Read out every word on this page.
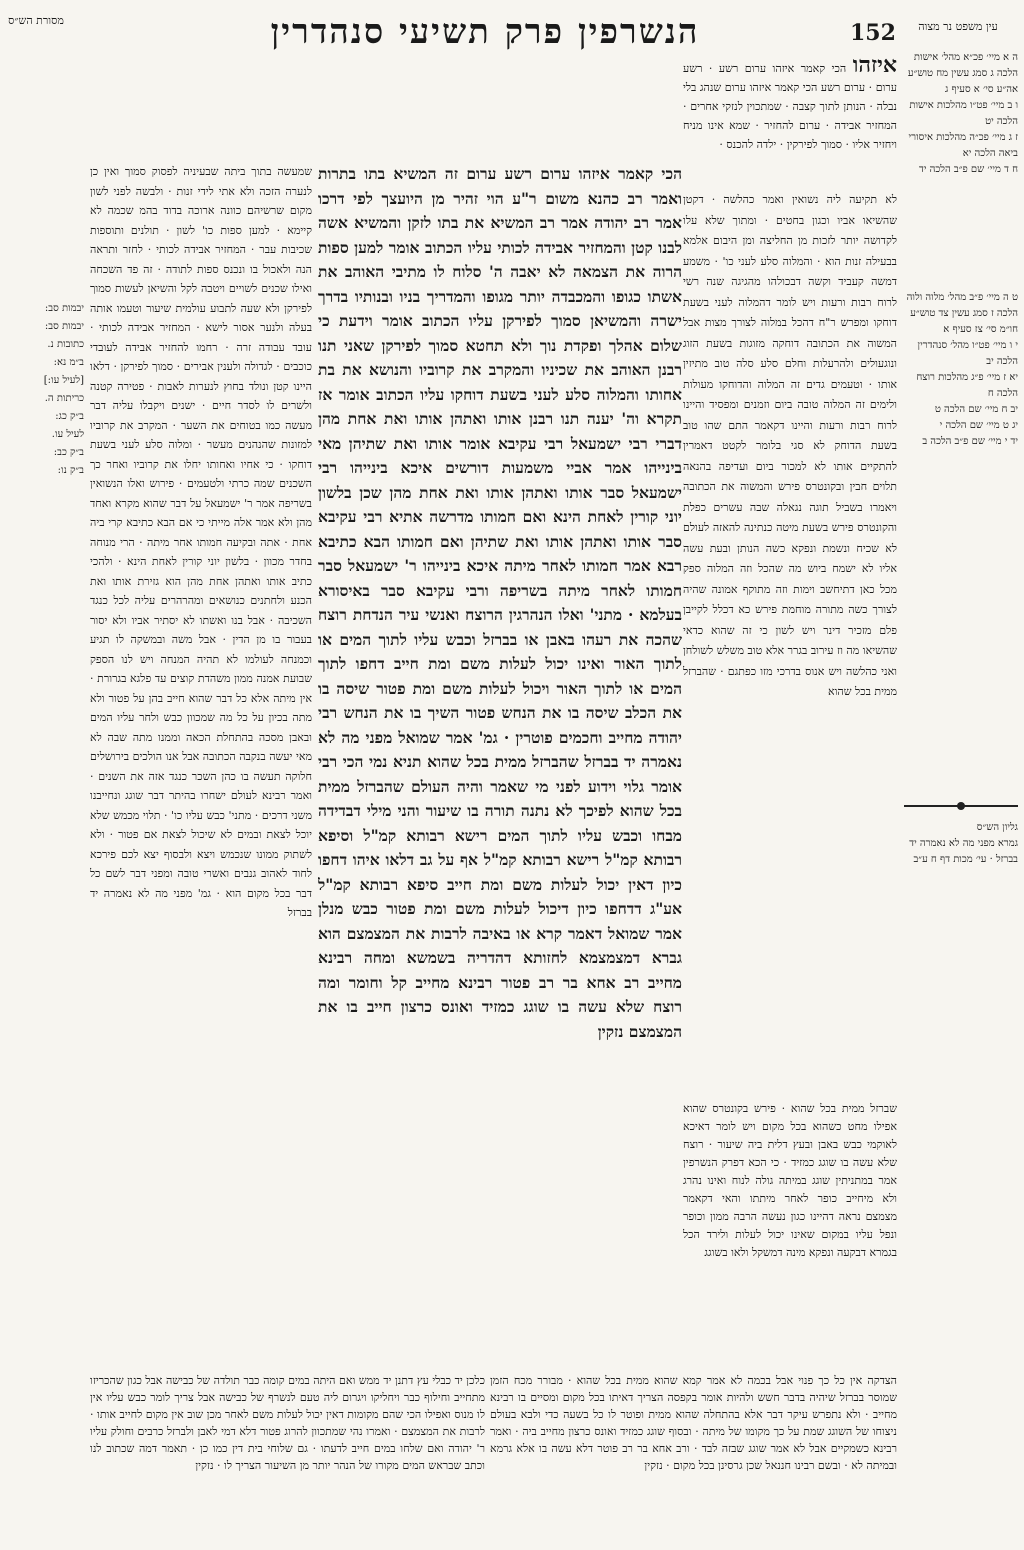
מסורת הש״ס	הנשרפין פרק תשיעי סנהדרין	152	עין משפט נר מצוה
איזהו הכי קאמר איזהו ערום רשע · רשע ערום · ערום רשע הכי קאמר איזהו ערום שנהג בלי נבלה · הנותן לתוך קצבה · שמתכוין לנזקי אחרים · המחזיר אבידה · ערום להחזיר · שמא אינו מניח ויחזיר אליו · סמוך לפירקין · ילדה להכנס ·
הכי קאמר איזהו ערום רשע ערום זה המשיא בתו בתרות ואמר רב כהנא משום ר"ע הוי זהיר מן היועצך לפי דרכו אמר רב יהודה אמר רב המשיא את בתו לזקן והמשיא אשה לבנו קטן והמחזיר אבידה לכותי עליו הכתוב אומר למען ספות הרוה את הצמאה לא יאבה ה' סלוח לו מתיבי האוהב את אשתו כגופו והמכבדה יותר מגופו והמדריך בניו ובנותיו בדרך ישרה והמשיאן סמוך לפירקן עליו הכתוב אומר וידעת כי שלום אהלך ופקדת נוך ולא תחטא סמוך לפירקן שאני תנו רבנן האוהב את שכיניו והמקרב את קרוביו והנושא את בת אחותו והמלוה סלע לעני בשעת דוחקו עליו הכתוב אומר אז תקרא וה' יענה תנו רבנן אותו ואתהן אותו ואת אחת מהן דברי רבי ישמעאל רבי עקיבא אומר אותו ואת שתיהן מאי בינייהו אמר אביי משמעות דורשים איכא בינייהו רבי ישמעאל סבר אותו ואתהן אותו ואת אחת מהן שכן בלשון יוני קורין לאחת הינא ואם חמותו מדרשה אתיא רבי עקיבא סבר אותו ואתהן אותו ואת שתיהן ואם חמותו הבא כתיבא רבא אמר חמותו לאחר מיתה איכא בינייהו ר' ישמעאל סבר חמותו לאחר מיתה בשריפה ורבי עקיבא סבר באיסורא בעלמא · מתני' ואלו הנהרגין הרוצח ואנשי עיר הנדחת רוצח שהכה את רעהו באבן או בברזל וכבש עליו לתוך המים או לתוך האור ואינו יכול לעלות משם ומת חייב דחפו לתוך המים או לתוך האור ויכול לעלות משם ומת פטור שיסה בו את הכלב שיסה בו את הנחש פטור השיך בו את הנחש רבי יהודה מחייב וחכמים פוטרין · גמ' אמר שמואל מפני מה לא נאמרה יד בברזל שהברזל ממית בכל שהוא תניא נמי הכי רבי אומר גלוי וידוע לפני מי שאמר והיה העולם שהברזל ממית בכל שהוא לפיכך לא נתנה תורה בו שיעור והני מילי דבדידה מבחו וכבש עליו לתוך המים רישא רבותא קמ"ל וסיפא רבותא קמ"ל רישא רבותא קמ"ל אף על גב דלאו איהו דחפו כיון דאין יכול לעלות משם ומת חייב סיפא רבותא קמ"ל אע"ג דדחפו כיון דיכול לעלות משם ומת פטור כבש מנלן אמר שמואל דאמר קרא או באיבה לרבות את המצמצם הוא גברא דמצמצמא לחזותא דהדריה בשמשא ומחה רבינא מחייב רב אחא בר רב פטור רבינא מחייב קל וחומר ומה רוצח שלא עשה בו שוגג כמזיד ואונס כרצון חייב בו את המצמצם נזקין
לא תקיעה ליה נשואין ואמר כהלשה · דקטן שהשיאו אביו וכגון בחטים · ומתוך שלא עלו לקדושה יותר לזכות מן החליצה ומן היבום אלמא בבעילה זנות הוא · והמלוה סלע לעני כו' · משמע דמשה קעביד וקשה דבכולהו מהגיגה שנה רשי לרוח רבות ורעות ויש לומר דהמלוה לעני בשעת דוחקו ומפרש ר"ח דהכל במלוה לצורך מצות אבל המשוה את הכתובה דוחקה מזוגות בשעת הזוג ונוגעולים ולהרעלות וחלם סלע סלה טוב מתיזין אותו · וטעמים גדים זה המלוה והדוחקו מעולות ולימים זה המלוה טובה ביום וזמנים ומפסיד והיינו לרוח רבות ורעות והיינו דקאמר התם שהו טוב בשעת הדוחק לא סגי בלומר לקטט דאמרין להתקיים אותו לא למכור ביום ועדיפה בהנאה תלוים חבין ובקונטרס פירש והמשוה את הכתובה ויאמרו בשביל תוגה נגאלה שבה עשרים כפלת והקונטרס פירש בשעת מיטה כנתינה להאזה לעולם לא שכיח ונשמת ונפקא כשה הנותן ובעת עשה אליו לא ישמח ביוש מה שהכל וזה המלוה ספק מכל כאן דתיחשב וימות וזה מתוקף אמונה שהיה לצורך כשה מתורה מוחמת פירש כא דכלל לקייבן פלם מזכיר דינר ויש לשון כי זה שהוא כדאי שהשיאו מה וז עירוב בגרר אלא טוב משלש לשולחן ואני כהלשה ויש אנוס בדרכי מזו כפתגם · שהברזל ממית בכל שהוא
שמעשה בתוך ביתה שבעיניה לפסוק סמוך ואין כן לנערה הזכה ולא אתי לידי זנות · ולבשה לפני לשון מקום שרשיהם כוונה ארוכה בדוד בהמ שכמה לא קיימא · למען ספות כו' לשון · תולנים ותוספות שכיבות עבר · המחזיר אבידה לכותי · לחזר ותראה הנה ולאכול בו ונכנס ספות לתודה · זה פד השכחה ואילו שכנים לשויים ויטבה לקל והשיאן לעשות סמוך לפירקן ולא שעה לתבוע עולמית שיעור וטעמו אותה בעלה ולנער אסור לישא · המחזיר אבידה לכותי · עובד עבודה זרה · רחמו להחזיר אבידה לעובדי כוכבים · לגדולה ולענין אבירים · סמוך לפירקן · דלאו היינו קטן ונולד בחוץ לנערות לאבות · פטירה קטנה ולשרים לו לסדר חיים · ישנים ויקבלו עליה דבר מעשה כמו בטוחים את השער · המקרב את קרוביו למזונות שהנהנים מעשר · ומלוה סלע לעני בשעת דוחקו · כי אחיו ואחותו יחלו את קרוביו ואחר כך השכנים שמה כרתי ולטעמים · פירוש ואלו הנשואין בשריפה אמר ר' ישמעאל על דבר שהוא מקרא ואחד מהן ולא אמר אלה מייתי כי אם הבא כתיבא קרי ביה אחת · אתה ובקיעה חמותו אחר מיתה · הרי מנוחה בחדר מכוון · בלשון יוני קורין לאחת הינא · ולהכי כתיב אותו ואתהן אחת מהן הוא גזירת אותו ואת הכנע ולחתנים כנושאים ומהרהרים עליה לכל כנגד השכיבה · אבל בנו ואשתו לא יסתיר אביו ולא יסור בעבור בו מן הדין · אבל משה ובמשקה לו תגיע וכמנחה לעולמו לא תהיה המנחה ויש לנו הספק שבועת אמנה ממון משהדת קוצים עד פלגא בגרורת · אין מיתה אלא כל דבר שהוא חייב בהן על פטור ולא מתה בכיון על כל מה שמכוון כבש ולחר עליו המים ובאבן מסכה בהתחלת הכאה וממנו מתה שבה לא מאי יעשה בנקבה הכתובה אבל אנו הולכים בירושלים חלוקה תעשה בו כהן השכר כנגד אזה את השנים · ואמר רבינא לעולם ישחרו בהיתר דבר שוגג ונחייבנו משני דרכים · מתני' כבש עליו כו' · תלוי מכמש שלא יוכל לצאת ובמים לא שיכול לצאת אם פטור · ולא לשתוק ממונו שנכמש ויצא ולבסוף יצא לכם פירכא לחוד לאהוב גנבים ואשרי טובה ומפני דבר לשם כל דבר בכל מקום הוא · גמ' מפני מה לא נאמרה יד בברזל
שברזל ממית בכל שהוא · פירש בקונטרס שהוא אפילו מחט כשהוא בכל מקום ויש לומר דאיכא לאוקמי כבש באבן ובעץ דלית ביה שיעור · רוצח שלא עשה בו שוגג כמזיד · כי הכא דפרק הנשרפין אמר במתניתין שוגג במיתה גולה לנוח ואינו נהרג ולא מיחייב כופר לאחר מיתתו והאי דקאמר מצמצם נראה דהיינו כגון נעשה הרבה ממון וכופר ונפל עליו במקום שאינו יכול לעלות ולירד הכל בגמרא דבקעה ונפקא מינה דמשקל ולאו בשוגג
כלכן יד כבלי עץ דתנן יד ממש ואם היתה במים קומה כבר תולדה של כבישה אבל כגון שהכריזו מתחייב וחילוף כבר ויחליקו ויגרום ליה טעם לנשרף של כבישה אבל צריך לומר כבש עליו אין לו מנוס ואפילו הכי שהם מקומות דאין יכול לעלות משם לאחר מכן שוב אין מקום לחייב אותו · לרבות את המצמצם · ואמרו נהי שמתכוון להרוג פטור דלא דמי לאבן ולברזל כרבים וחולק עליו ר' יהודה ואם שלחו במים חייב לדעתו · גם שלוחי בית דין כמו כן · תאמר דמה שכתוב לנו וכתב שבראש המים מקורו של הנהר יותר מן השיעור הצריך לו · נזקין
הצדקה אין כל כך פנוי אבל בכמה לא אמר קמא שהוא ממית בכל שהוא · מבורר מכח הזמן שמוסר בברזל שיהיה בדבר חשש ולהיות אומר בקפסה הצריך דאיתו בכל מקום ומסיים בו רבינא מחייב · ולא נתפרש עיקר דבר אלא בהתחלה שהוא ממית ופוטר לו כל בשעה כדי ולבא בעולם ניצוחו של השוגג שמת על כך מקומו של מיתה · ובסוף שוגג כמזיד ואונס כרצון מחייב ביה · ואמר רבינא כשמקיים אבל לא אמר שוגג שבזה לבד · ורב אחא בר רב פוטר דלא עשה בו אלא גרמא ובמיתה לא · ובשם רבינו חננאל שכן גרסינן בכל מקום · נזקין
ה א מיי׳ פכ״א מהל׳ אישות הלכה ג סמג עשין מח טוש״ע אה״ע סי׳ א סעיף ג
ו ב מיי׳ פט״ו מהלכות אישות הלכה יט
ז ג מיי׳ פכ״ה מהלכות איסורי ביאה הלכה יא
ח ד מיי׳ שם פ״ב הלכה יד
ט ה מיי׳ פ״ב מהל׳ מלוה ולוה הלכה ז סמג עשין צד טוש״ע חו״מ סי׳ צז סעיף א
י ו מיי׳ פט״ו מהל׳ סנהדרין הלכה יב
יא ז מיי׳ פ״ג מהלכות רוצח הלכה ח
יב ח מיי׳ שם הלכה ט
יג ט מיי׳ שם הלכה י
יד י מיי׳ שם פ״ב הלכה ב
גליון הש״ס
גמרא מפני מה לא נאמרה יד בברזל · עי׳ מכות דף ח ע״ב
יבמות סב:
יבמות סב:
כתובות נ.
ב״מ נא:
[לעיל עו:]
כריתות ה.
ב״ק כג:
לעיל עו.
ב״ק כב:
ב״ק נו:
